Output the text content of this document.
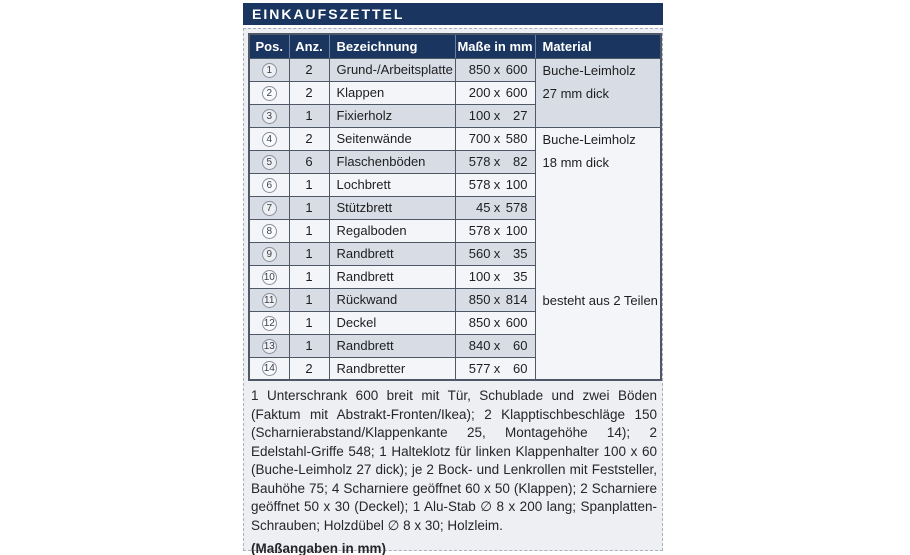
EINKAUFSZETTEL
Pos.	Anz.	Bezeichnung	Maße in mm	Material
1	2	Grund-/Arbeitsplatte	850 x 600	Buche-Leimholz
27 mm dick

2	2	Klappen	200 x 600	
3	1	Fixierholz	100 x 27	
4	2	Seitenwände	700 x 580	Buche-Leimholz
18 mm dick
besteht aus 2 Teilen

5	6	Flaschenböden	578 x 82	
6	1	Lochbrett	578 x 100	
7	1	Stützbrett	45 x 578	
8	1	Regalboden	578 x 100	
9	1	Randbrett	560 x 35	
10	1	Randbrett	100 x 35	
11	1	Rückwand	850 x 814	
12	1	Deckel	850 x 600	
13	1	Randbrett	840 x 60	
14	2	Randbretter	577 x 60	
1 Unterschrank 600 breit mit Tür, Schublade und zwei Böden (Faktum mit Abstrakt-Fronten/Ikea); 2 Klapptischbeschläge 150 (Scharnierabstand/Klappenkante 25, Montagehöhe 14); 2 Edelstahl-Griffe 548; 1 Halteklotz für linken Klappenhalter 100 x 60 (Buche-Leimholz 27 dick); je 2 Bock- und Lenkrollen mit Feststeller, Bauhöhe 75; 4 Scharniere geöffnet 60 x 50 (Klappen); 2 Scharniere geöffnet 50 x 30 (Deckel); 1 Alu-Stab ∅ 8 x 200 lang; Spanplatten-Schrauben; Holzdübel ∅ 8 x 30; Holzleim.
(Maßangaben in mm)
